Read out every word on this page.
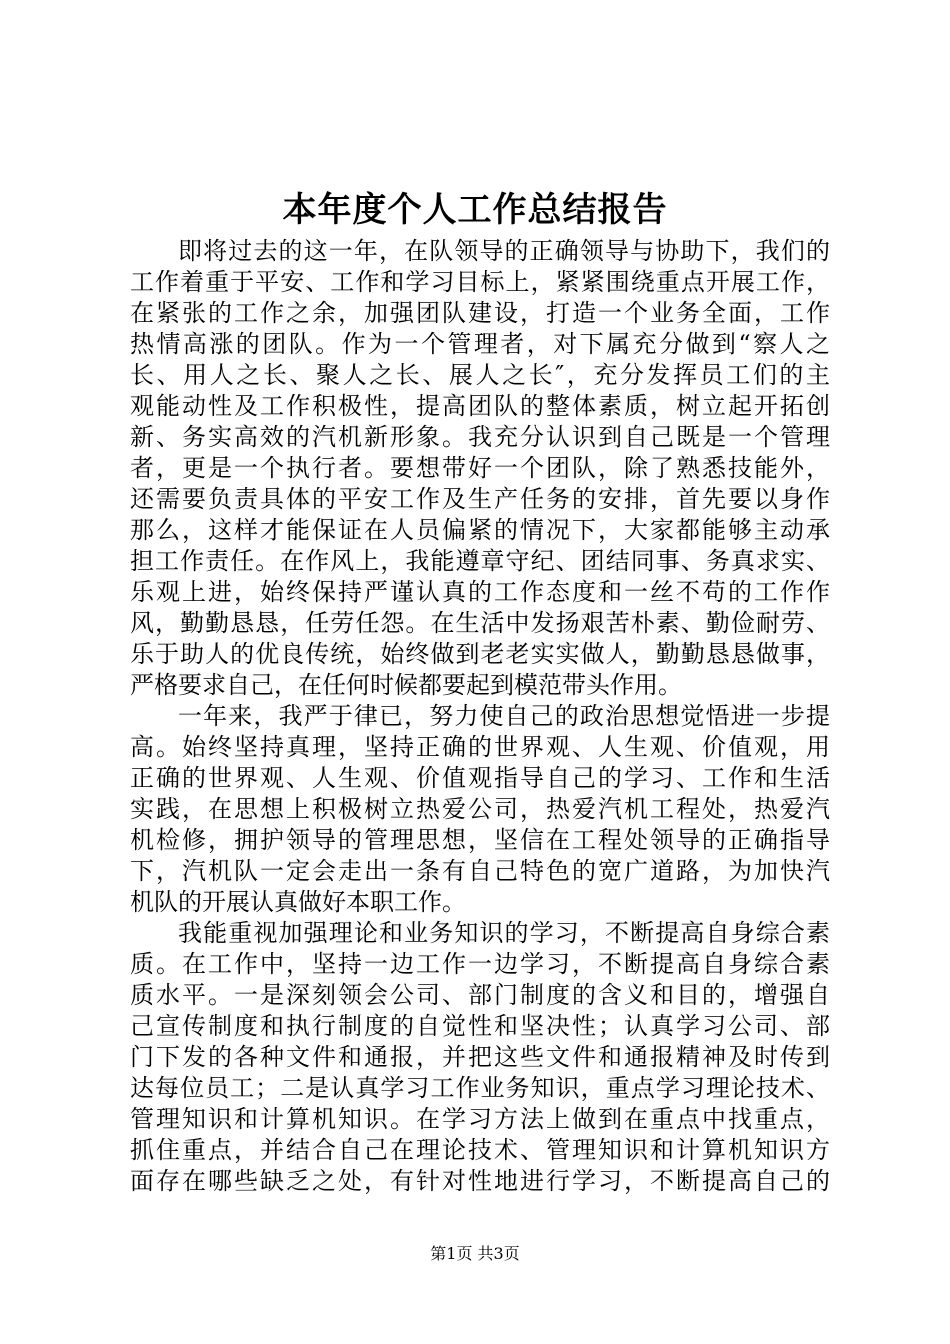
本年度个人工作总结报告
即将过去的这一年，在队领导的正确领导与协助下，我们的
工作着重于平安、工作和学习目标上，紧紧围绕重点开展工作，
在紧张的工作之余，加强团队建设，打造一个业务全面，工作
热情高涨的团队。作为一个管理者，对下属充分做到“察人之
长、用人之长、聚人之长、展人之长″，充分发挥员工们的主
观能动性及工作积极性，提高团队的整体素质，树立起开拓创
新、务实高效的汽机新形象。我充分认识到自己既是一个管理
者，更是一个执行者。要想带好一个团队，除了熟悉技能外，
还需要负责具体的平安工作及生产任务的安排，首先要以身作
那么，这样才能保证在人员偏紧的情况下，大家都能够主动承
担工作责任。在作风上，我能遵章守纪、团结同事、务真求实、
乐观上进，始终保持严谨认真的工作态度和一丝不苟的工作作
风，勤勤恳恳，任劳任怨。在生活中发扬艰苦朴素、勤俭耐劳、
乐于助人的优良传统，始终做到老老实实做人，勤勤恳恳做事，
严格要求自己，在任何时候都要起到模范带头作用。
一年来，我严于律已，努力使自己的政治思想觉悟进一步提
高。始终坚持真理，坚持正确的世界观、人生观、价值观，用
正确的世界观、人生观、价值观指导自己的学习、工作和生活
实践，在思想上积极树立热爱公司，热爱汽机工程处，热爱汽
机检修，拥护领导的管理思想，坚信在工程处领导的正确指导
下，汽机队一定会走出一条有自己特色的宽广道路，为加快汽
机队的开展认真做好本职工作。
我能重视加强理论和业务知识的学习，不断提高自身综合素
质。在工作中，坚持一边工作一边学习，不断提高自身综合素
质水平。一是深刻领会公司、部门制度的含义和目的，增强自
己宣传制度和执行制度的自觉性和坚决性；认真学习公司、部
门下发的各种文件和通报，并把这些文件和通报精神及时传到
达每位员工；二是认真学习工作业务知识，重点学习理论技术、
管理知识和计算机知识。在学习方法上做到在重点中找重点，
抓住重点，并结合自己在理论技术、管理知识和计算机知识方
面存在哪些缺乏之处，有针对性地进行学习，不断提高自己的
第1页 共3页
